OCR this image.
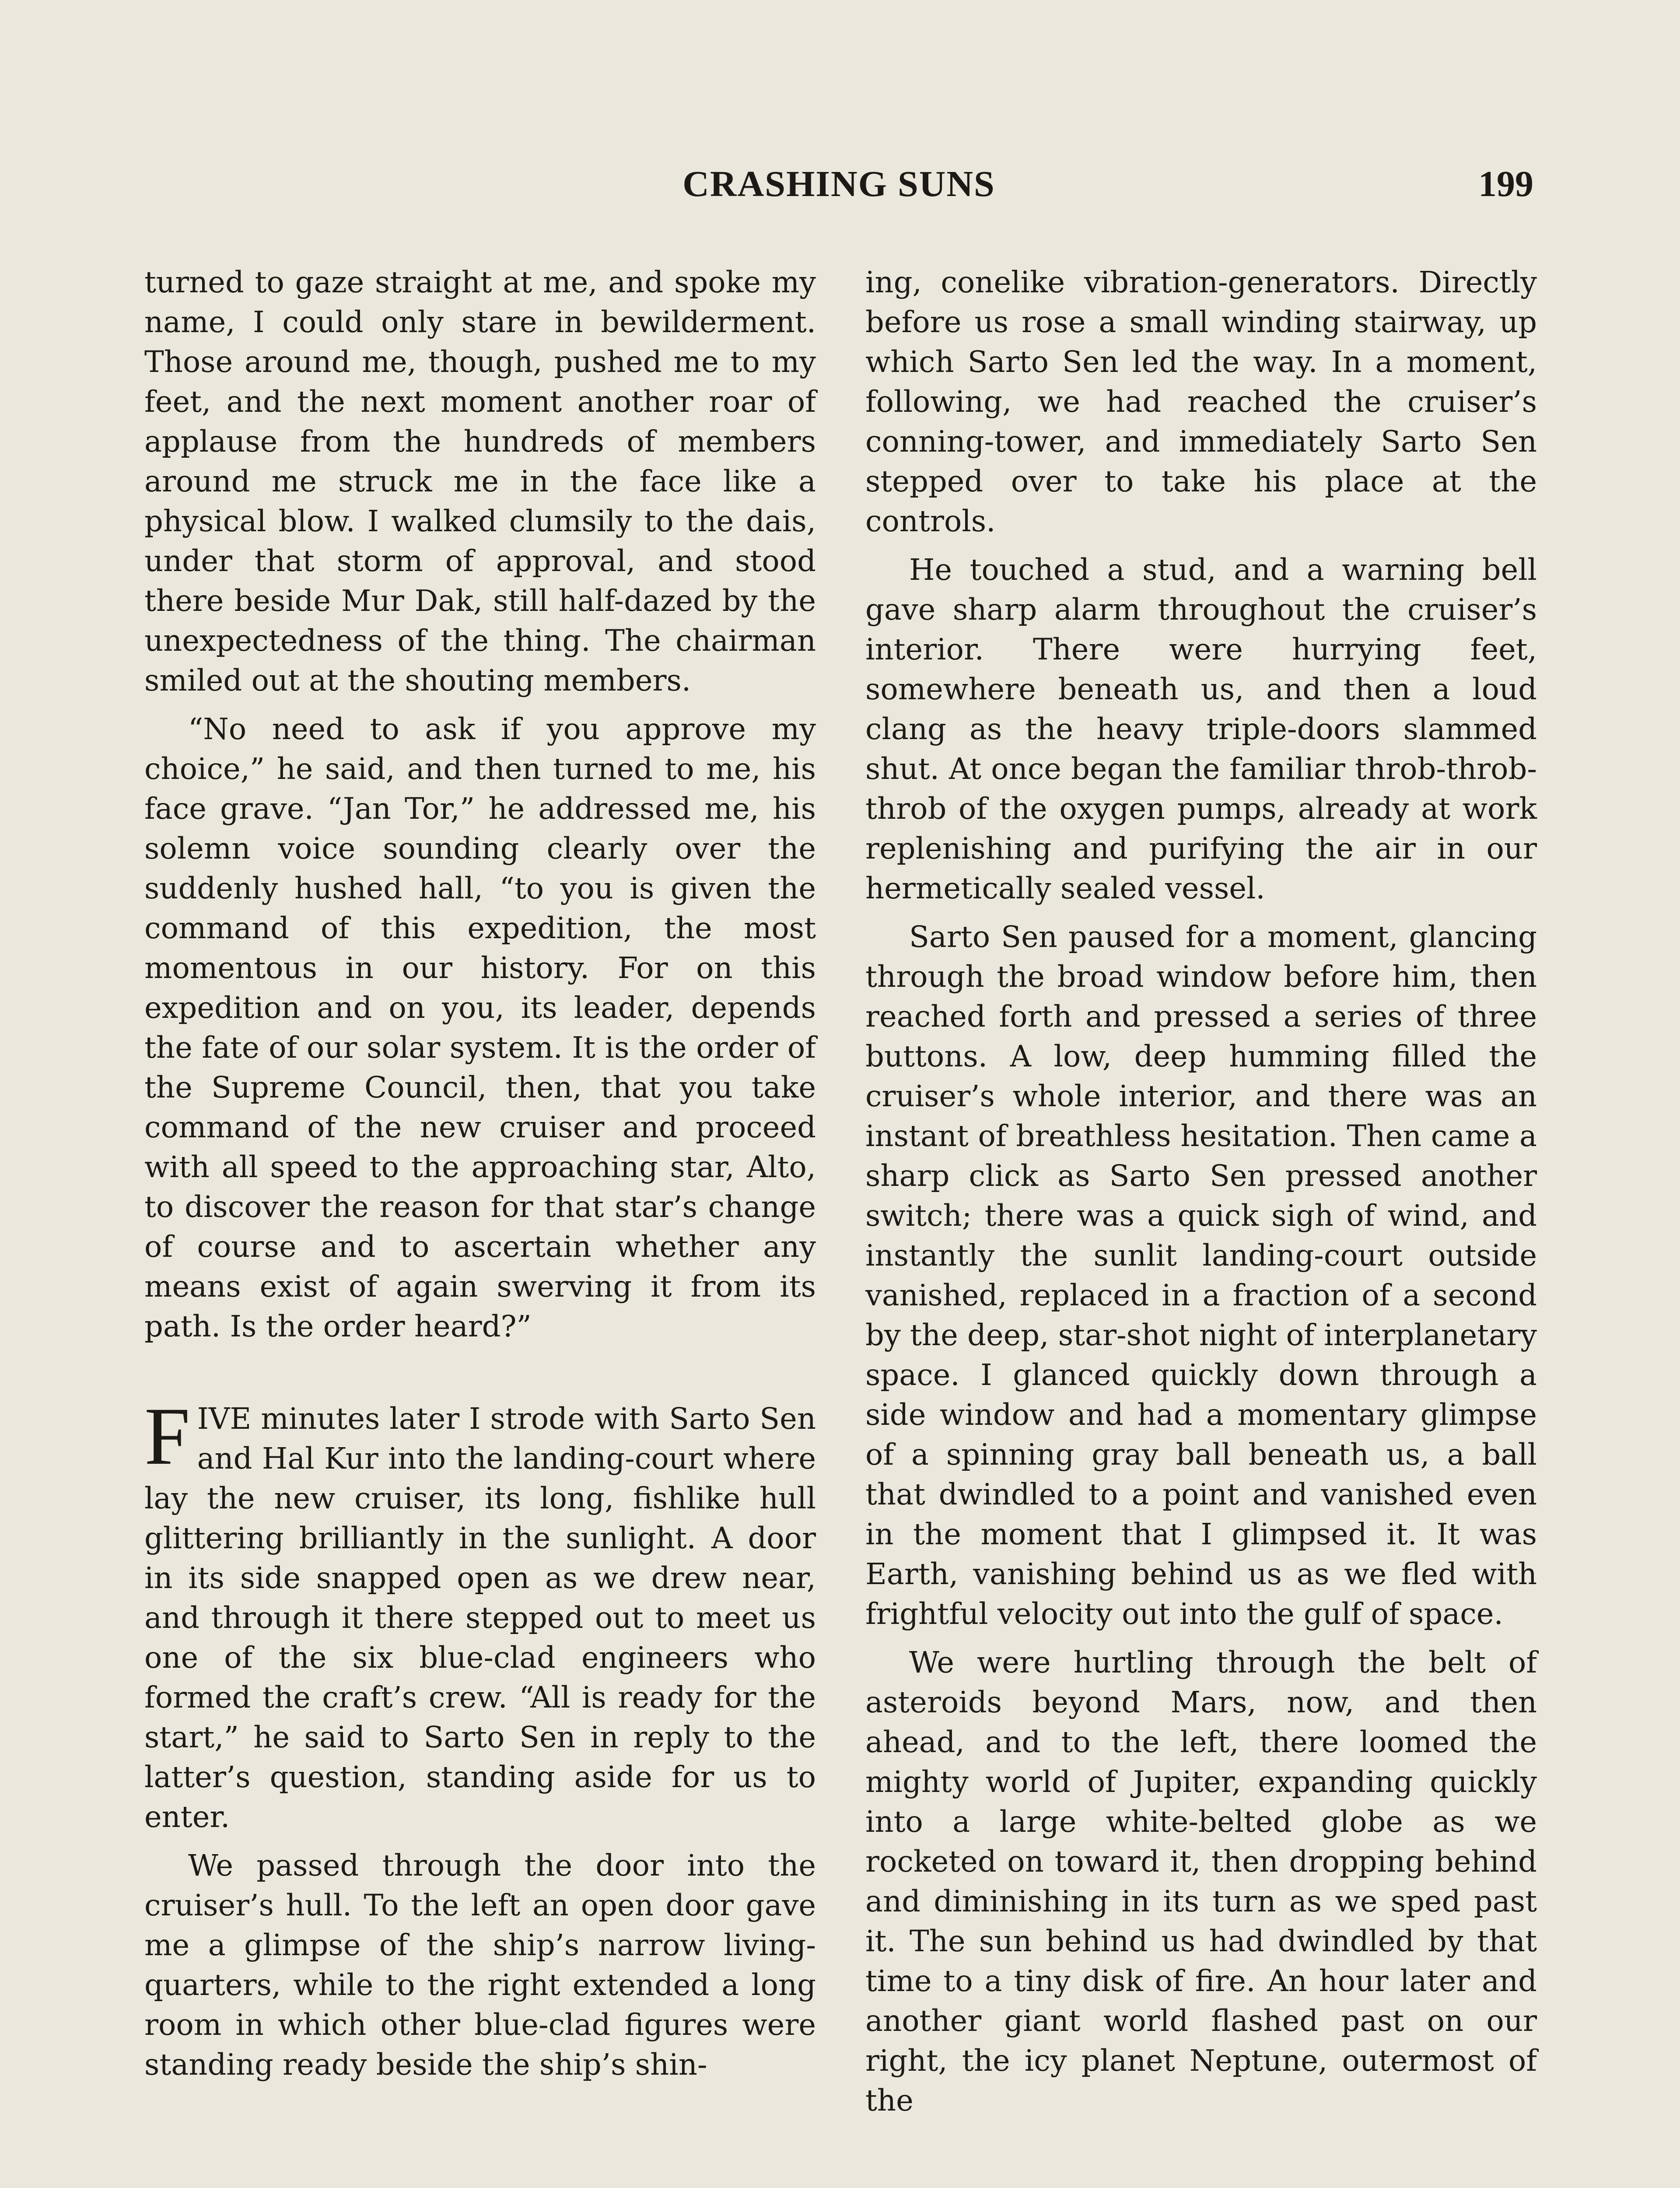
CRASHING SUNS	199

turned to gaze straight at me, and spoke my name, I could only stare in bewilderment. Those around me, though, pushed me to my feet, and the next moment another roar of applause from the hundreds of members around me struck me in the face like a physical blow. I walked clumsily to the dais, under that storm of approval, and stood there beside Mur Dak, still half-dazed by the unexpectedness of the thing. The chairman smiled out at the shouting members.

“No need to ask if you approve my choice,” he said, and then turned to me, his face grave. “Jan Tor,” he addressed me, his solemn voice sounding clearly over the suddenly hushed hall, “to you is given the command of this expedition, the most momentous in our history. For on this expedition and on you, its leader, depends the fate of our solar system. It is the order of the Supreme Council, then, that you take command of the new cruiser and proceed with all speed to the approaching star, Alto, to discover the reason for that star’s change of course and to ascertain whether any means exist of again swerving it from its path. Is the order heard?”

FIVE minutes later I strode with Sarto Sen and Hal Kur into the landing-court where lay the new cruiser, its long, fishlike hull glittering brilliantly in the sunlight. A door in its side snapped open as we drew near, and through it there stepped out to meet us one of the six blue-clad engineers who formed the craft’s crew. “All is ready for the start,” he said to Sarto Sen in reply to the latter’s question, standing aside for us to enter.

We passed through the door into the cruiser’s hull. To the left an open door gave me a glimpse of the ship’s narrow living-quarters, while to the right extended a long room in which other blue-clad figures were standing ready beside the ship’s shin-

ing, conelike vibration-generators. Directly before us rose a small winding stairway, up which Sarto Sen led the way. In a moment, following, we had reached the cruiser’s conning-tower, and immediately Sarto Sen stepped over to take his place at the controls.

He touched a stud, and a warning bell gave sharp alarm throughout the cruiser’s interior. There were hurrying feet, somewhere beneath us, and then a loud clang as the heavy triple-doors slammed shut. At once began the familiar throb-throb-throb of the oxygen pumps, already at work replenishing and purifying the air in our hermetically sealed vessel.

Sarto Sen paused for a moment, glancing through the broad window before him, then reached forth and pressed a series of three buttons. A low, deep humming filled the cruiser’s whole interior, and there was an instant of breathless hesitation. Then came a sharp click as Sarto Sen pressed another switch; there was a quick sigh of wind, and instantly the sunlit landing-court outside vanished, replaced in a fraction of a second by the deep, star-shot night of interplanetary space. I glanced quickly down through a side window and had a momentary glimpse of a spinning gray ball beneath us, a ball that dwindled to a point and vanished even in the moment that I glimpsed it. It was Earth, vanishing behind us as we fled with frightful velocity out into the gulf of space.

We were hurtling through the belt of asteroids beyond Mars, now, and then ahead, and to the left, there loomed the mighty world of Jupiter, expanding quickly into a large white-belted globe as we rocketed on toward it, then dropping behind and diminishing in its turn as we sped past it. The sun behind us had dwindled by that time to a tiny disk of fire. An hour later and another giant world flashed past on our right, the icy planet Neptune, outermost of the
